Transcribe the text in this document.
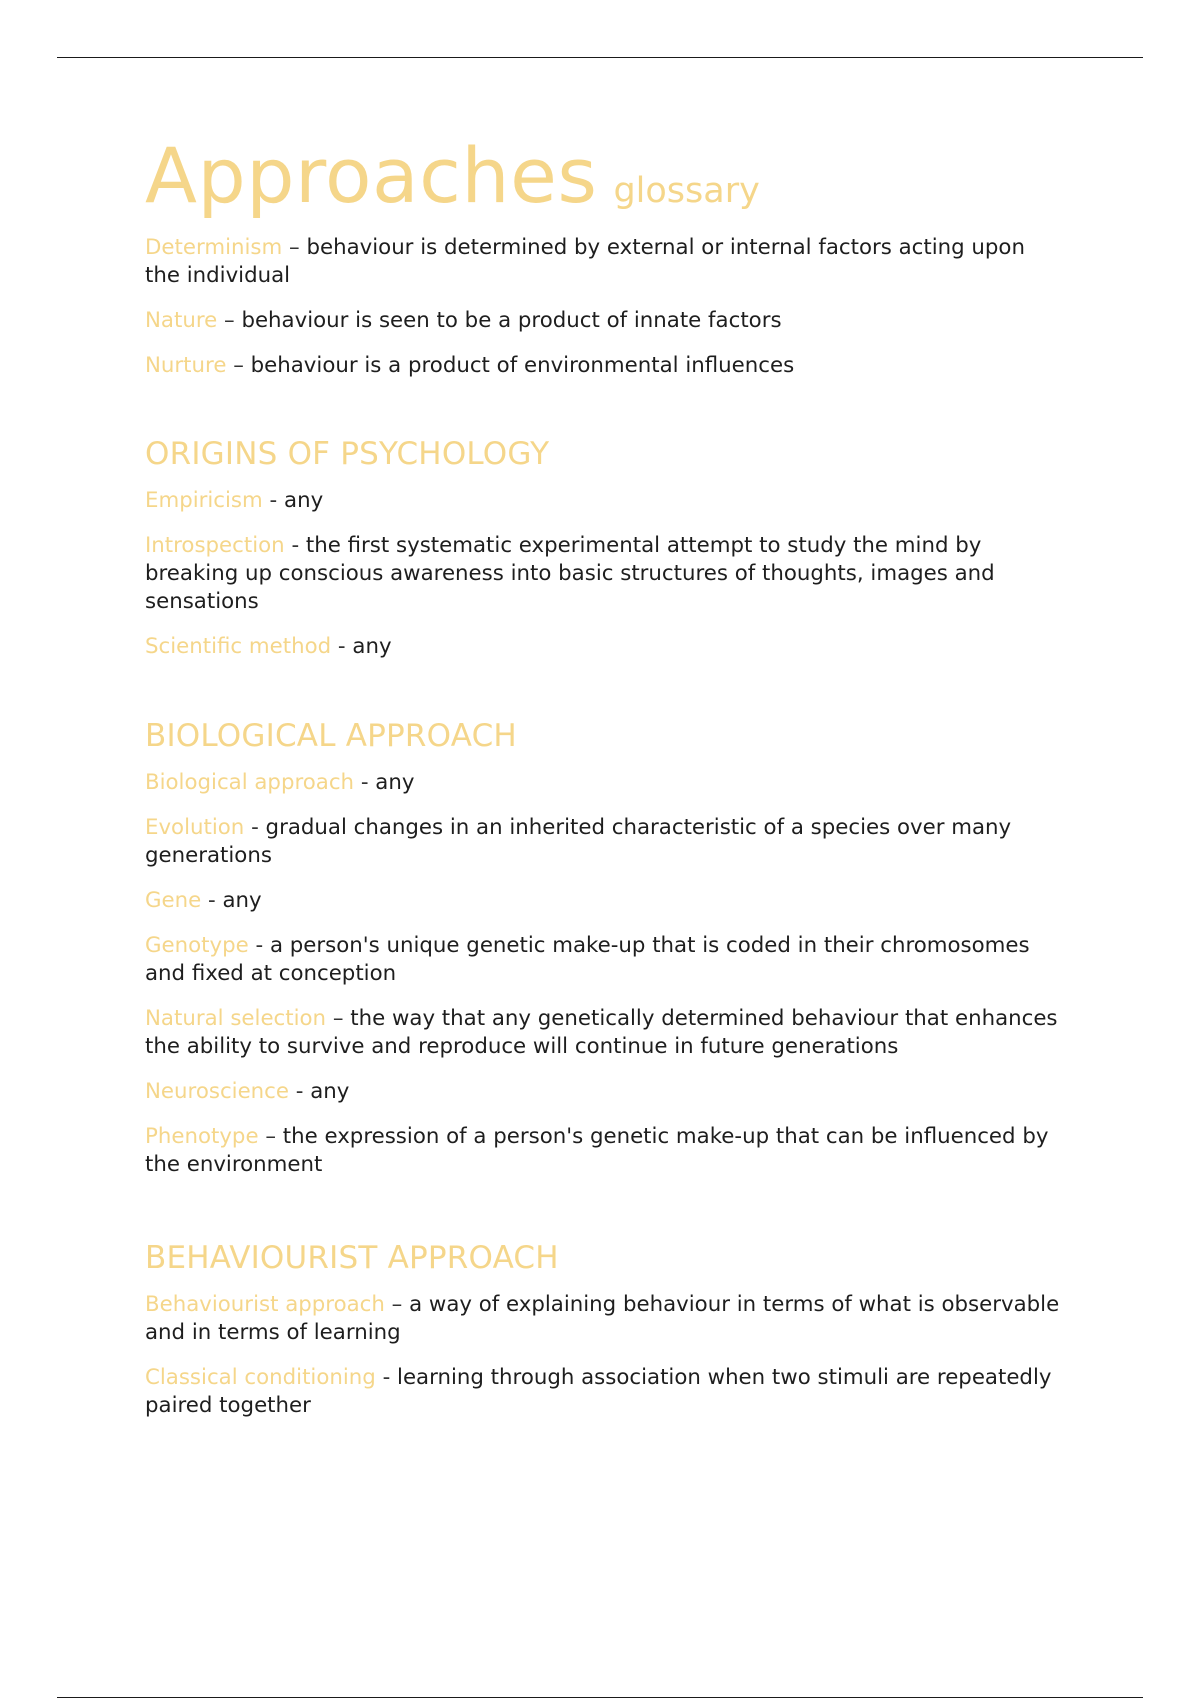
Approaches glossary

Determinism – behaviour is determined by external or internal factors acting upon the individual

Nature – behaviour is seen to be a product of innate factors

Nurture – behaviour is a product of environmental influences

ORIGINS OF PSYCHOLOGY

Empiricism - any

Introspection - the first systematic experimental attempt to study the mind by breaking up conscious awareness into basic structures of thoughts, images and sensations

Scientific method - any

BIOLOGICAL APPROACH

Biological approach - any

Evolution - gradual changes in an inherited characteristic of a species over many generations

Gene - any

Genotype - a person's unique genetic make-up that is coded in their chromosomes and fixed at conception

Natural selection – the way that any genetically determined behaviour that enhances the ability to survive and reproduce will continue in future generations

Neuroscience - any

Phenotype – the expression of a person's genetic make-up that can be influenced by the environment

BEHAVIOURIST APPROACH

Behaviourist approach – a way of explaining behaviour in terms of what is observable and in terms of learning

Classical conditioning - learning through association when two stimuli are repeatedly paired together
